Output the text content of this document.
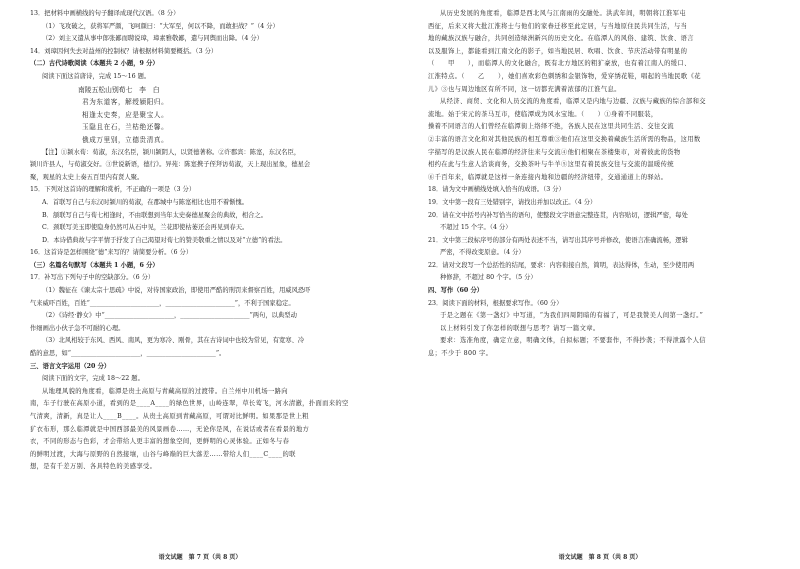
13．把材料中画横线的句子翻译成现代汉语。（8 分）
（1）飞攻破之，获将军严颜，飞呵颜曰：“大军至，何以不降，而敢拒战？”（4 分）
（2）刘主又遣从事中郎张鄙而聘说璋，璋素雅敬鄙，遣与同舆而出降。（4 分）
14．刘璋因何失去对益州的控制权？请根据材料简要概括。（3 分）
（二）古代诗歌阅读（本题共 2 小题，9 分）
阅读下面这首唐诗，完成 15～16 题。
南陵五松山别荀七　李　白
君为东道客，解绶颍阳归。
相逢太史奏，应是聚宝人。
玉隐且在石，兰枯绝还馨。
俄成万里别，立德贵清真。
【注】①颍水荀：荀淑，东汉名臣，颍川颍阴人，以贤德著称。②许郡宾：陈寔，东汉名臣，
颍川许县人，与荀淑交好。③世说新语，德行》。异苑：陈寔携子侄拜访荀淑，天上现出星象，德星会
聚，观星的太史上奏五百里内有贤人聚。
15．下列对这首诗的理解和赏析，不正确的一项是（3 分）
A．首联写自己与东汉时颍川的荀淑，在郡城中与陈寔相比也用不着惭愧。
B．颔联写自己与荀七相逢时，不由联想到当年太史奏德星聚会的典故，相合之。
C．颈联写美玉即使隐身仍然可从石中见，兰花即使枯萎还会再见到春天。
D．本诗借典故与字平情于抒发了自己渴望对荀七的赞美敬重之情以及对“立德”的看法。
16．这首诗是怎样围绕“德”来写的？请简要分析。（6 分）
（三）名篇名句默写（本题共 1 小题，6 分）
17．补写出下列句子中的空缺部分。（6 分）
（1）魏征在《谏太宗十思疏》中说，对待国家政治，即使用严酷的刑罚来督察百姓，用威风恐吓
气来威吓百姓，百姓“______________________，______________________”，不利于国家稳定。
（2）《诗经·静女》中“______________________，______________________”两句，以典型动
作细画出小伙子急不可耐的心理。
（3）北风相较于东风、西风、南风，更为寒冷、刚骨，其在古诗词中也较为常见，有宽寒、冷
酷的意思，如“______________________，______________________”。
三、语言文字运用（20 分）
阅读下面的文字，完成 18～22 题。
从地理风貌的角度看，临潭是贵土高原与青藏高原的过渡带。自兰州中川机场一路向
南，车子行驶在高原小道，看到的是____A____的绿色世界，山岭连翠，草长莺飞，河水清澈，扑面而来的空
气清爽，清新，真是让人____B____。从贵土高原到青藏高原，可谓对比鲜明。如果那是世上粗
犷衣布形，那么临潭就是中国西部最美的风景画卷……，无论你是风，在说话或者在看景的地方
衣，不同的形态与色彩，才会带给人更丰富的想象空间，更鲜明的心灵体验。正如冬与春
的鲜明过渡，大海与原野的自然接壤，山谷与峰巅的巨大落差……带给人们____C____的联
想，是有千差万别、各具特色的美感享受。
语文试题　第 7 页（共 8 页）
从历史发展的角度看，临潭是西北风与江南雨的交融处。洪武年间，明朝将江淮军屯
西征，后来又将大批江淮将士与他们的家眷迁移至此定居，与当地原住民共同生活，与当
地的藏族汉族与融合，共同创造绿洲新兴的历史文化。在临潭人的风俗、建筑、饮食、语言
以及服饰上，都能看到江南文化的影子，如当地民居、吹唱、饮食、节庆活动带有明显的
（　　甲　　），而临潭人的文化融合，既有北方地区的粗犷豪放，也有着江南人的缓口、
江淮特点。（　　乙　　），她们喜欢彩色刺绣和金银饰物，爱穿绣花鞋，唱起的当地民歌《花
儿》③也与周边地区有所不同，这一切都充满着浓郁的江淮气息。
从经济、商贸、文化和人员交流的角度看，临潭又是内地与边疆、汉族与藏族的综合部和交
流地。始于宋元的茶马互市，使临潭成为风水宝地。（　　）①身着不同服装，
操着不同语言的人们曾经在临潭街上络绎不绝，各族人民在这里共同生活、交往交流
②丰富的语言文化和对其他民族的相互尊重③他们在这里交换着藏族生活所需的物品，这用数
字描写的是汉族人民在临潭的经济往来与交流④他们相聚在茶楼集市，对着彼此的货物
相约在此与生意人洽谈商务，交换茶叶与牛羊⑤这里有着民族交往与交流的温暖传统
⑥千百年来，临潭就是这样一条连接内地和边疆的经济纽带，交通通道上的驿站。
18．请为文中画横线处填入恰当的成语。（3 分）
19．文中第一段有三处错别字，请找出并加以改正。（4 分）
20．请在文中括号内补写恰当的语句，使整段文字语意完整连贯，内容贴切，逻辑严密，每处
不超过 15 个字。（4 分）
21．文中第三段标序号的部分有两处表述不当，请写出其序号并修改，使语言准确流畅，逻辑
严密，不得改变原意。（4 分）
22．请对文段写一个总括性的结尾，要求：内容衔接自然，简明，表达得体，生动，至少使用两
种修辞，不超过 80 个字。（5 分）
四、写作（60 分）
23．阅读下面的材料，根据要求写作。（60 分）
于是之题在《第一盏灯》中写道，“为我们四周阴暗的有福了，可是我赞美人间第一盏灯。”
以上材料引发了你怎样的联想与思考？请写一篇文章。
要求：选准角度，确定立意，明确文体，自拟标题；不要套作，不得抄袭；不得泄露个人信
息；不少于 800 字。
语文试题　第 8 页（共 8 页）
